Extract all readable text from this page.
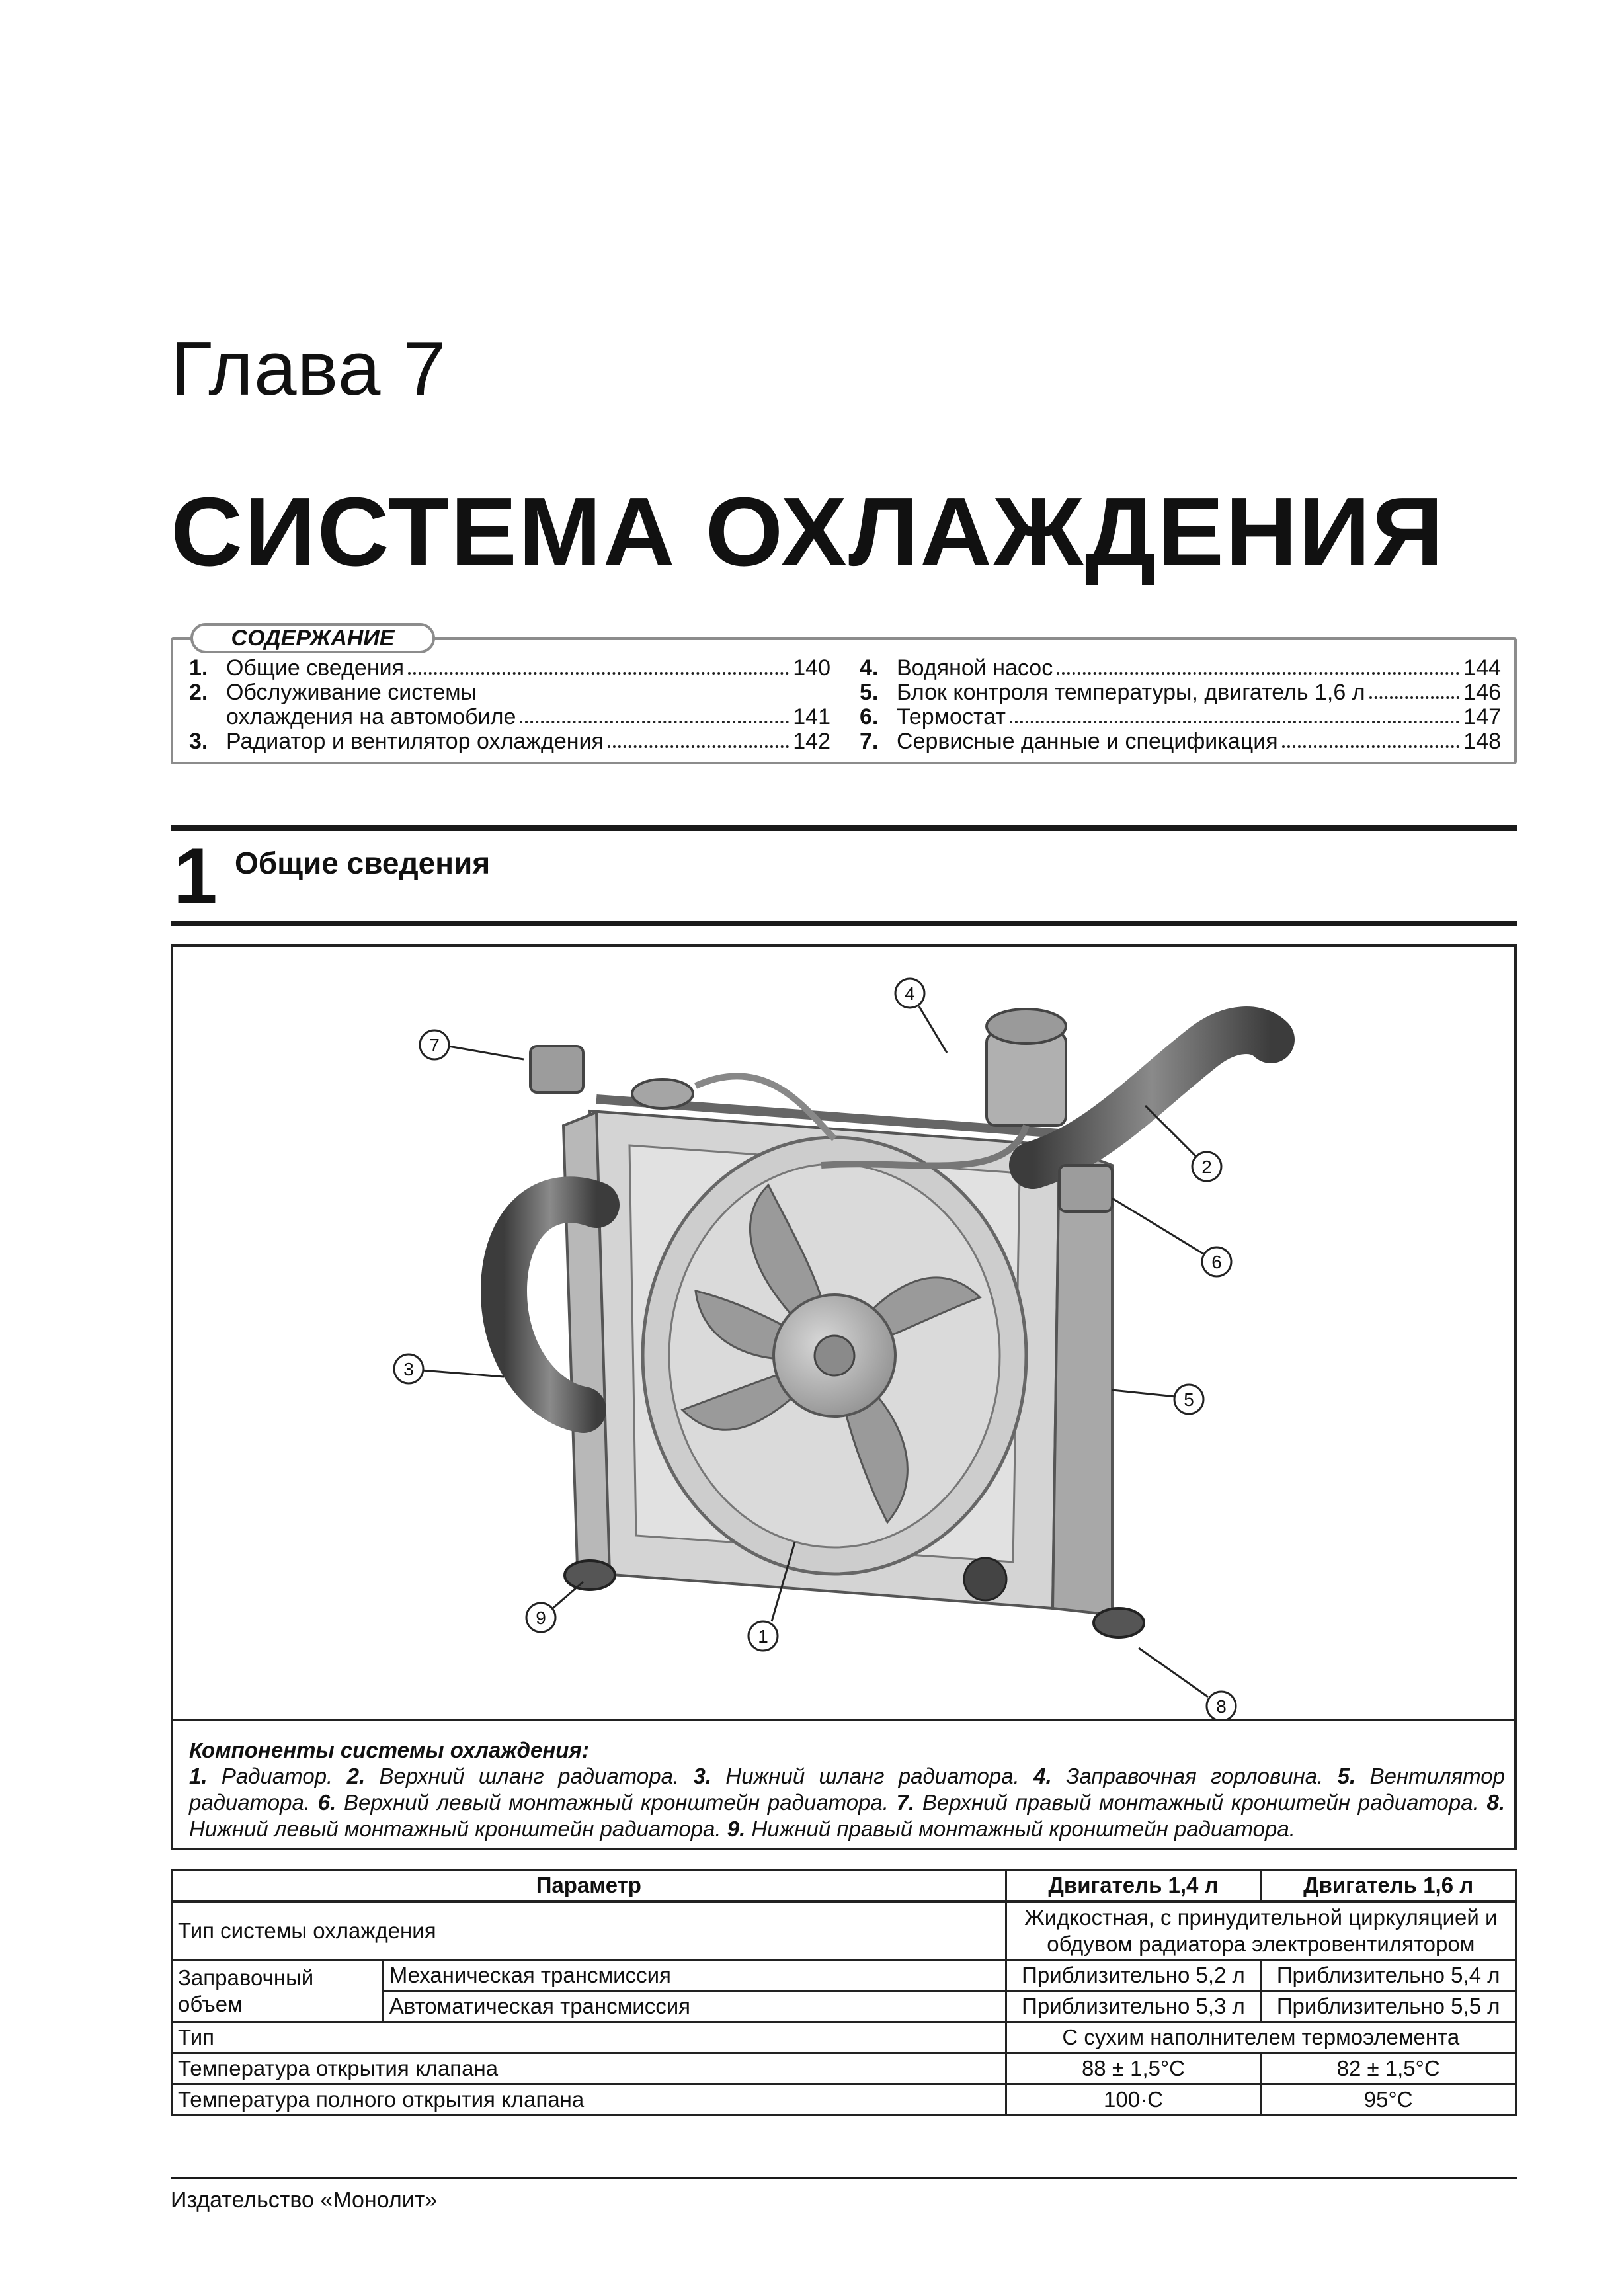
Глава 7
СИСТЕМА ОХЛАЖДЕНИЯ
СОДЕРЖАНИЕ
1. Общие сведения	140
2. Обслуживание системы
охлаждения на автомобиле	141
3. Радиатор и вентилятор охлаждения	142
4. Водяной насос	144
5. Блок контроля температуры, двигатель 1,6 л	146
6. Термостат	147
7. Сервисные данные и спецификация	148
1 Общие сведения
1
2
3
4
5
6
7
8
9
Компоненты системы охлаждения:
1. Радиатор. 2. Верхний шланг радиатора. 3. Нижний шланг радиатора. 4. Заправочная горловина. 5. Вентилятор радиатора. 6. Верхний левый монтажный кронштейн радиатора. 7. Верхний правый монтажный кронштейн радиатора. 8. Нижний левый монтажный кронштейн радиатора. 9. Нижний правый монтажный кронштейн радиатора.
Параметр		Двигатель 1,4 л	Двигатель 1,6 л
Тип системы охлаждения		Жидкостная, с принудительной циркуляцией и обдувом радиатора электровентилятором	
Заправочный объем	Механическая трансмиссия	Приблизительно 5,2 л	Приблизительно 5,4 л
	Автоматическая трансмиссия	Приблизительно 5,3 л	Приблизительно 5,5 л
Тип		С сухим наполнителем термоэлемента	
Температура открытия клапана		88 ± 1,5°C	82 ± 1,5°C
Температура полного открытия клапана		100·C	95°C
Издательство «Монолит»
